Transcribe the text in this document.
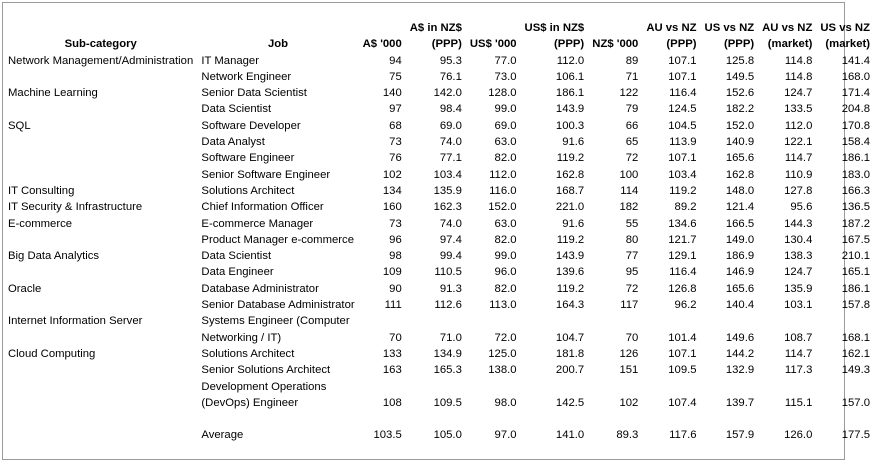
			A$ in NZ$		US$ in NZ$		AU vs NZ	US vs NZ	AU vs NZ	US vs NZ
Sub-category	Job	A$ '000	(PPP)	US$ '000	(PPP)	NZ$ '000	(PPP)	(PPP)	(market)	(market)
Network Management/Administration	IT Manager	94	95.3	77.0	112.0	89	107.1	125.8	114.8	141.4
	Network Engineer	75	76.1	73.0	106.1	71	107.1	149.5	114.8	168.0
Machine Learning	Senior Data Scientist	140	142.0	128.0	186.1	122	116.4	152.6	124.7	171.4
	Data Scientist	97	98.4	99.0	143.9	79	124.5	182.2	133.5	204.8
SQL	Software Developer	68	69.0	69.0	100.3	66	104.5	152.0	112.0	170.8
	Data Analyst	73	74.0	63.0	91.6	65	113.9	140.9	122.1	158.4
	Software Engineer	76	77.1	82.0	119.2	72	107.1	165.6	114.7	186.1
	Senior Software Engineer	102	103.4	112.0	162.8	100	103.4	162.8	110.9	183.0
IT Consulting	Solutions Architect	134	135.9	116.0	168.7	114	119.2	148.0	127.8	166.3
IT Security & Infrastructure	Chief Information Officer	160	162.3	152.0	221.0	182	89.2	121.4	95.6	136.5
E-commerce	E-commerce Manager	73	74.0	63.0	91.6	55	134.6	166.5	144.3	187.2
	Product Manager e-commerce	96	97.4	82.0	119.2	80	121.7	149.0	130.4	167.5
Big Data Analytics	Data Scientist	98	99.4	99.0	143.9	77	129.1	186.9	138.3	210.1
	Data Engineer	109	110.5	96.0	139.6	95	116.4	146.9	124.7	165.1
Oracle	Database Administrator	90	91.3	82.0	119.2	72	126.8	165.6	135.9	186.1
	Senior Database Administrator	111	112.6	113.0	164.3	117	96.2	140.4	103.1	157.8
Internet Information Server	Systems Engineer (Computer									
	Networking / IT)	70	71.0	72.0	104.7	70	101.4	149.6	108.7	168.1
Cloud Computing	Solutions Architect	133	134.9	125.0	181.8	126	107.1	144.2	114.7	162.1
	Senior Solutions Architect	163	165.3	138.0	200.7	151	109.5	132.9	117.3	149.3
	Development Operations									
	(DevOps) Engineer	108	109.5	98.0	142.5	102	107.4	139.7	115.1	157.0

	Average	103.5	105.0	97.0	141.0	89.3	117.6	157.9	126.0	177.5
